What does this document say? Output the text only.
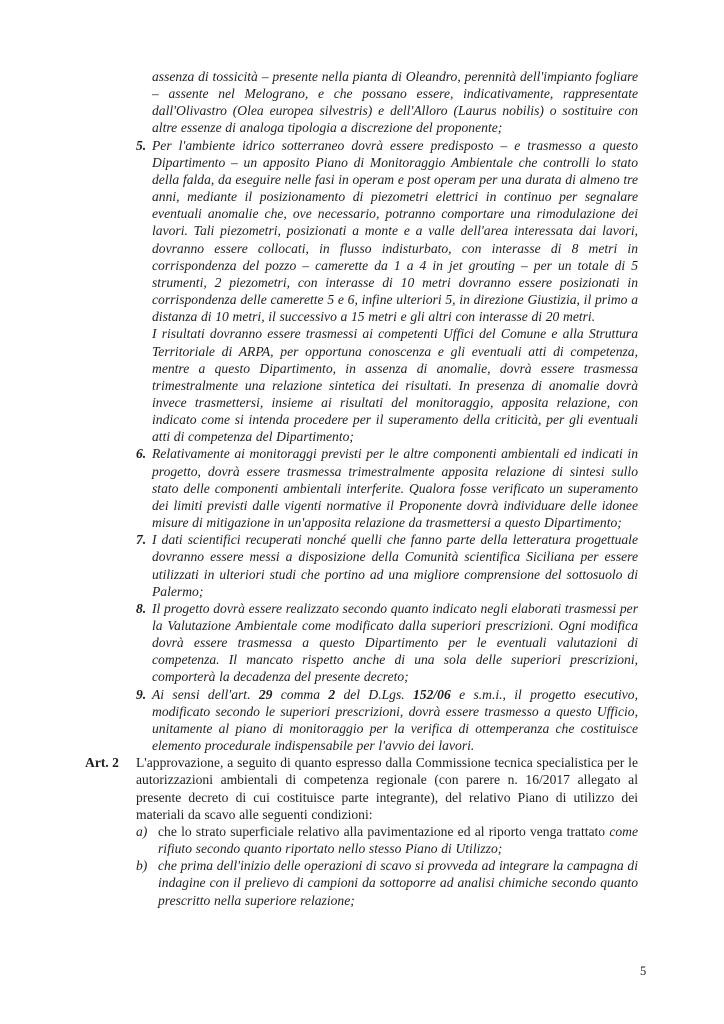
assenza di tossicità – presente nella pianta di Oleandro, perennità dell'impianto fogliare – assente nel Melograno, e che possano essere, indicativamente, rappresentate dall'Olivastro (Olea europea silvestris) e dell'Alloro (Laurus nobilis) o sostituire con altre essenze di analoga tipologia a discrezione del proponente;

5. Per l'ambiente idrico sotterraneo dovrà essere predisposto – e trasmesso a questo Dipartimento – un apposito Piano di Monitoraggio Ambientale che controlli lo stato della falda, da eseguire nelle fasi in operam e post operam per una durata di almeno tre anni, mediante il posizionamento di piezometri elettrici in continuo per segnalare eventuali anomalie che, ove necessario, potranno comportare una rimodulazione dei lavori. Tali piezometri, posizionati a monte e a valle dell'area interessata dai lavori, dovranno essere collocati, in flusso indisturbato, con interasse di 8 metri in corrispondenza del pozzo – camerette da 1 a 4 in jet grouting – per un totale di 5 strumenti, 2 piezometri, con interasse di 10 metri dovranno essere posizionati in corrispondenza delle camerette 5 e 6, infine ulteriori 5, in direzione Giustizia, il primo a distanza di 10 metri, il successivo a 15 metri e gli altri con interasse di 20 metri.

I risultati dovranno essere trasmessi ai competenti Uffici del Comune e alla Struttura Territoriale di ARPA, per opportuna conoscenza e gli eventuali atti di competenza, mentre a questo Dipartimento, in assenza di anomalie, dovrà essere trasmessa trimestralmente una relazione sintetica dei risultati. In presenza di anomalie dovrà invece trasmettersi, insieme ai risultati del monitoraggio, apposita relazione, con indicato come si intenda procedere per il superamento della criticità, per gli eventuali atti di competenza del Dipartimento;

6. Relativamente ai monitoraggi previsti per le altre componenti ambientali ed indicati in progetto, dovrà essere trasmessa trimestralmente apposita relazione di sintesi sullo stato delle componenti ambientali interferite. Qualora fosse verificato un superamento dei limiti previsti dalle vigenti normative il Proponente dovrà individuare delle idonee misure di mitigazione in un'apposita relazione da trasmettersi a questo Dipartimento;

7. I dati scientifici recuperati nonché quelli che fanno parte della letteratura progettuale dovranno essere messi a disposizione della Comunità scientifica Siciliana per essere utilizzati in ulteriori studi che portino ad una migliore comprensione del sottosuolo di Palermo;

8. Il progetto dovrà essere realizzato secondo quanto indicato negli elaborati trasmessi per la Valutazione Ambientale come modificato dalla superiori prescrizioni. Ogni modifica dovrà essere trasmessa a questo Dipartimento per le eventuali valutazioni di competenza. Il mancato rispetto anche di una sola delle superiori prescrizioni, comporterà la decadenza del presente decreto;

9. Ai sensi dell'art. 29 comma 2 del D.Lgs. 152/06 e s.m.i., il progetto esecutivo, modificato secondo le superiori prescrizioni, dovrà essere trasmesso a questo Ufficio, unitamente al piano di monitoraggio per la verifica di ottemperanza che costituisce elemento procedurale indispensabile per l'avvio dei lavori.

Art. 2 L'approvazione, a seguito di quanto espresso dalla Commissione tecnica specialistica per le autorizzazioni ambientali di competenza regionale (con parere n. 16/2017 allegato al presente decreto di cui costituisce parte integrante), del relativo Piano di utilizzo dei materiali da scavo alle seguenti condizioni:

a) che lo strato superficiale relativo alla pavimentazione ed al riporto venga trattato come rifiuto secondo quanto riportato nello stesso Piano di Utilizzo;

b) che prima dell'inizio delle operazioni di scavo si provveda ad integrare la campagna di indagine con il prelievo di campioni da sottoporre ad analisi chimiche secondo quanto prescritto nella superiore relazione;

5
